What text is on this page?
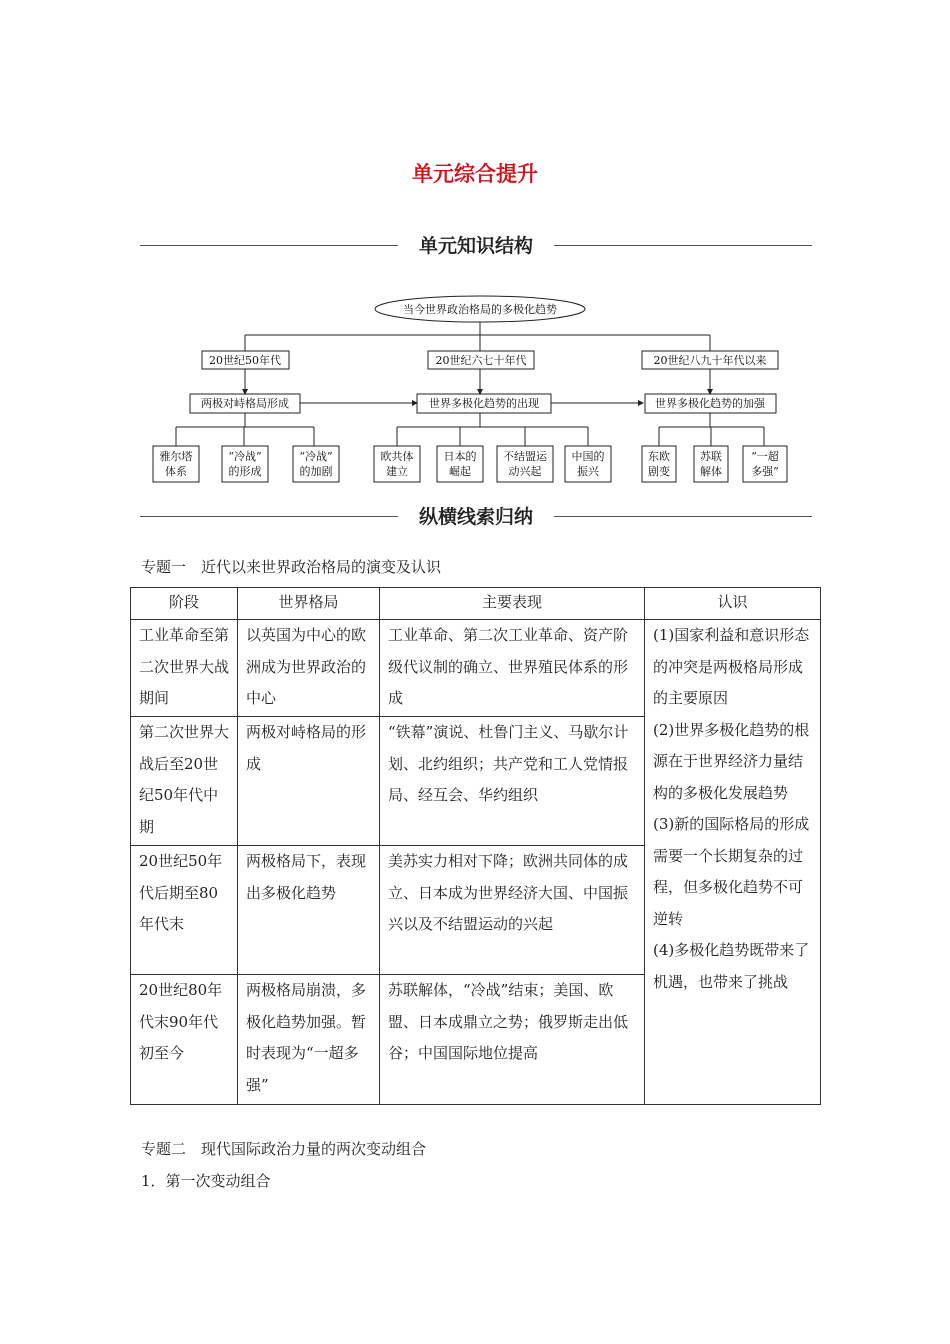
单元综合提升
单元知识结构
当今世界政治格局的多极化趋势
20世纪50年代	20世纪六七十年代	20世纪八九十年代以来
两极对峙格局形成	世界多极化趋势的出现	世界多极化趋势的加强
雅尔塔
体系
“冷战”
的形成
“冷战”
的加剧
欧共体
建立
日本的
崛起
不结盟运
动兴起
中国的
振兴
东欧
剧变
苏联
解体
“一超
多强”
纵横线索归纳
专题一　近代以来世界政治格局的演变及认识
阶段	世界格局	主要表现	认识
工业革命至第二次世界大战期间	以英国为中心的欧洲成为世界政治的中心	工业革命、第二次工业革命、资产阶级代议制的确立、世界殖民体系的形成	(1)国家利益和意识形态的冲突是两极格局形成的主要原因
(2)世界多极化趋势的根源在于世界经济力量结构的多极化发展趋势
(3)新的国际格局的形成需要一个长期复杂的过程，但多极化趋势不可逆转
(4)多极化趋势既带来了机遇，也带来了挑战

第二次世界大战后至20世纪50年代中期	两极对峙格局的形成	“铁幕”演说、杜鲁门主义、马歇尔计划、北约组织；共产党和工人党情报局、经互会、华约组织	
20世纪50年代后期至80年代末	两极格局下，表现出多极化趋势	美苏实力相对下降；欧洲共同体的成立、日本成为世界经济大国、中国振兴以及不结盟运动的兴起	
20世纪80年代末90年代初至今	两极格局崩溃，多极化趋势加强。暂时表现为“一超多强”	苏联解体，“冷战”结束；美国、欧盟、日本成鼎立之势；俄罗斯走出低谷；中国国际地位提高	
专题二　现代国际政治力量的两次变动组合
1．第一次变动组合
